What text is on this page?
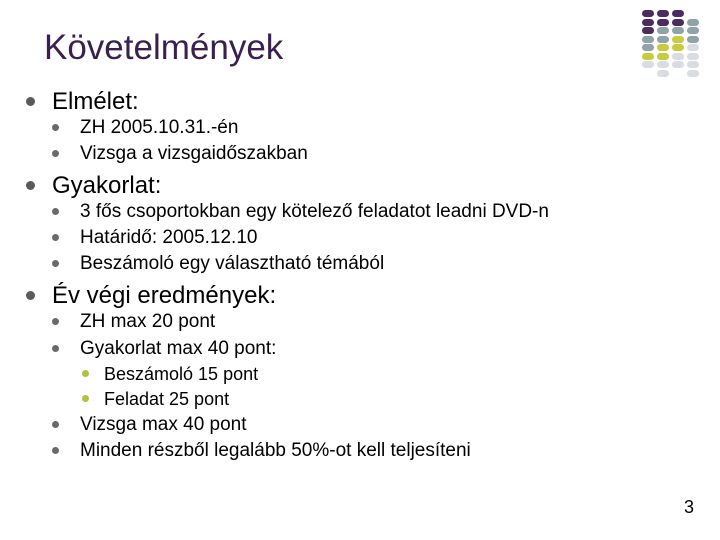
Követelmények
Elmélet:
ZH 2005.10.31.-én
Vizsga a vizsgaidőszakban
Gyakorlat:
3 fős csoportokban egy kötelező feladatot leadni DVD-n
Határidő: 2005.12.10
Beszámoló egy választható témából
Év végi eredmények:
ZH max 20 pont
Gyakorlat max 40 pont:
Beszámoló 15 pont
Feladat 25 pont
Vizsga max 40 pont
Minden részből legalább 50%-ot kell teljesíteni
3
